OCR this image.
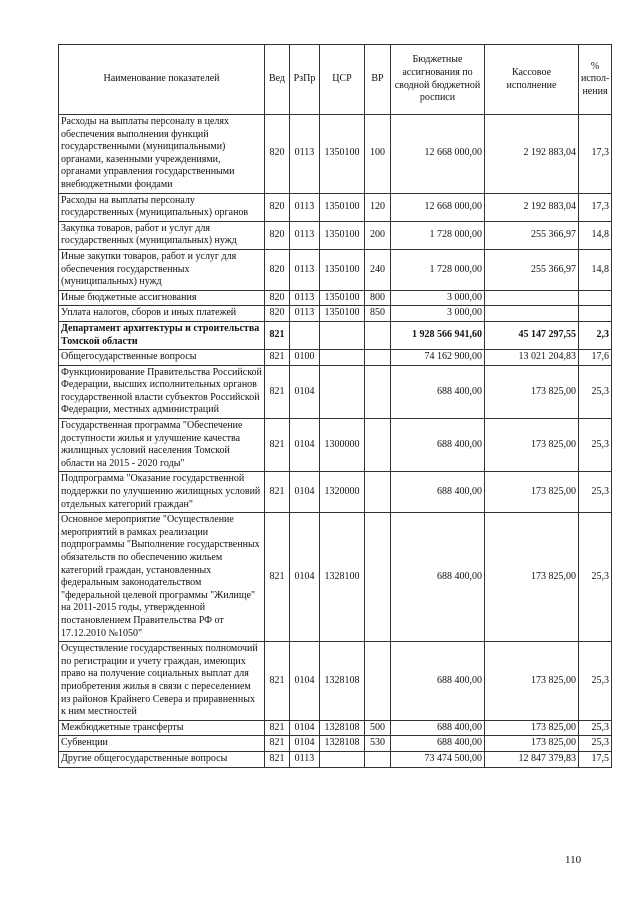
Наименование показателей	Вед	РзПр	ЦСР	ВР	Бюджетные ассигнования по сводной бюджетной росписи	Кассовое исполнение	% испол-нения
Расходы на выплаты персоналу в целях обеспечения выполнения функций государственными (муниципальными) органами, казенными учреждениями, органами управления государственными внебюджетными фондами	820	0113	1350100	100	12 668 000,00	2 192 883,04	17,3
Расходы на выплаты персоналу государственных (муниципальных) органов	820	0113	1350100	120	12 668 000,00	2 192 883,04	17,3
Закупка товаров, работ и услуг для государственных (муниципальных) нужд	820	0113	1350100	200	1 728 000,00	255 366,97	14,8
Иные закупки товаров, работ и услуг для обеспечения государственных (муниципальных) нужд	820	0113	1350100	240	1 728 000,00	255 366,97	14,8
Иные бюджетные ассигнования	820	0113	1350100	800	3 000,00		
Уплата налогов, сборов и иных платежей	820	0113	1350100	850	3 000,00		
Департамент архитектуры и строительства Томской области	821				1 928 566 941,60	45 147 297,55	2,3
Общегосударственные вопросы	821	0100			74 162 900,00	13 021 204,83	17,6
Функционирование Правительства Российской Федерации, высших исполнительных органов государственной власти субъектов Российской Федерации, местных администраций	821	0104			688 400,00	173 825,00	25,3
Государственная программа "Обеспечение доступности жилья и улучшение качества жилищных условий населения Томской области на 2015 - 2020 годы"	821	0104	1300000		688 400,00	173 825,00	25,3
Подпрограмма "Оказание государственной поддержки по улучшению жилищных условий отдельных категорий граждан"	821	0104	1320000		688 400,00	173 825,00	25,3
Основное мероприятие "Осуществление мероприятий в рамках реализации подпрограммы "Выполнение государственных обязательств по обеспечению жильем категорий граждан, установленных федеральным законодательством "федеральной целевой программы "Жилище" на 2011-2015 годы, утвержденной постановлением Правительства РФ от 17.12.2010 №1050"	821	0104	1328100		688 400,00	173 825,00	25,3
Осуществление государственных полномочий по регистрации и учету граждан, имеющих право на получение социальных выплат для приобретения жилья в связи с переселением из районов Крайнего Севера и приравненных к ним местностей	821	0104	1328108		688 400,00	173 825,00	25,3
Межбюджетные трансферты	821	0104	1328108	500	688 400,00	173 825,00	25,3
Субвенции	821	0104	1328108	530	688 400,00	173 825,00	25,3
Другие общегосударственные вопросы	821	0113			73 474 500,00	12 847 379,83	17,5
110
